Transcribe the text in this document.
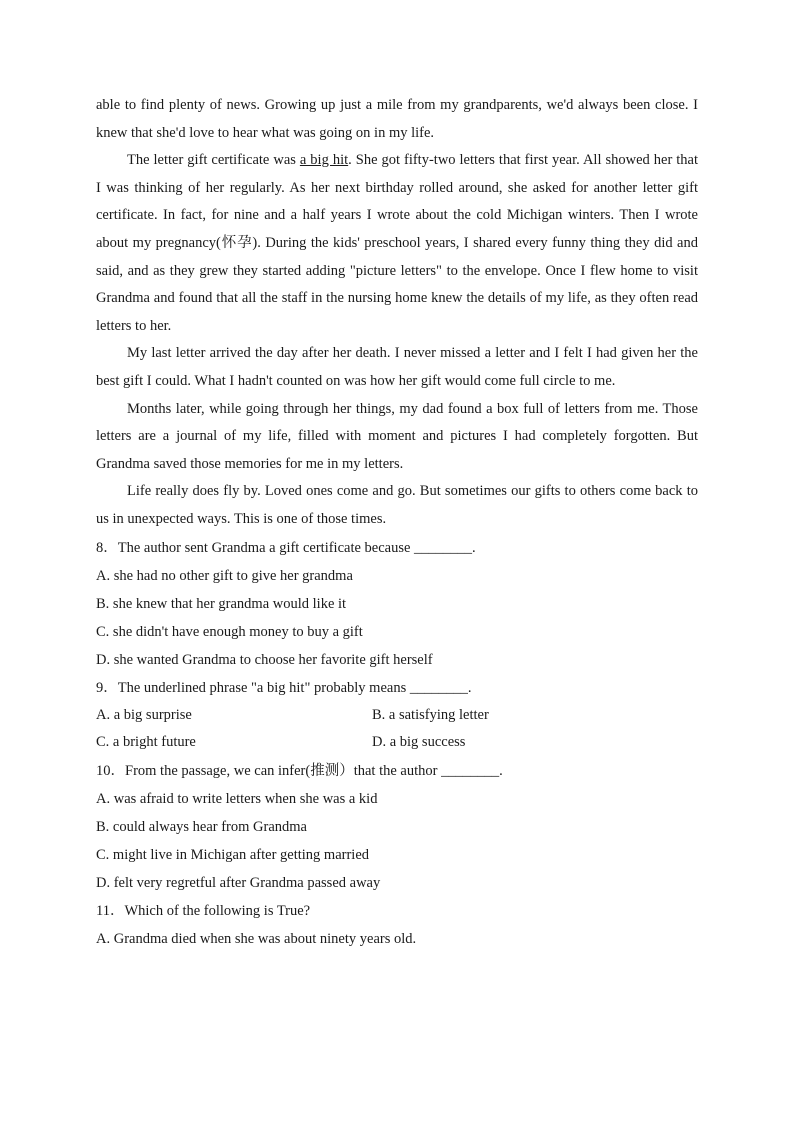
able to find plenty of news. Growing up just a mile from my grandparents, we'd always been close. I knew that she'd love to hear what was going on in my life.

The letter gift certificate was a big hit. She got fifty-two letters that first year. All showed her that I was thinking of her regularly. As her next birthday rolled around, she asked for another letter gift certificate. In fact, for nine and a half years I wrote about the cold Michigan winters. Then I wrote about my pregnancy(怀孕). During the kids' preschool years, I shared every funny thing they did and said, and as they grew they started adding "picture letters" to the envelope. Once I flew home to visit Grandma and found that all the staff in the nursing home knew the details of my life, as they often read letters to her.

My last letter arrived the day after her death. I never missed a letter and I felt I had given her the best gift I could. What I hadn't counted on was how her gift would come full circle to me.

Months later, while going through her things, my dad found a box full of letters from me. Those letters are a journal of my life, filled with moment and pictures I had completely forgotten. But Grandma saved those memories for me in my letters.

Life really does fly by. Loved ones come and go. But sometimes our gifts to others come back to us in unexpected ways. This is one of those times.

8．The author sent Grandma a gift certificate because ________.

A. she had no other gift to give her grandma

B. she knew that her grandma would like it

C. she didn't have enough money to buy a gift

D. she wanted Grandma to choose her favorite gift herself

9．The underlined phrase "a big hit" probably means ________.

A. a big surprise	B. a satisfying letter
C. a bright future	D. a big success

10．From the passage, we can infer(推测）that the author ________.

A. was afraid to write letters when she was a kid

B. could always hear from Grandma

C. might live in Michigan after getting married

D. felt very regretful after Grandma passed away

11．Which of the following is True?

A. Grandma died when she was about ninety years old.
